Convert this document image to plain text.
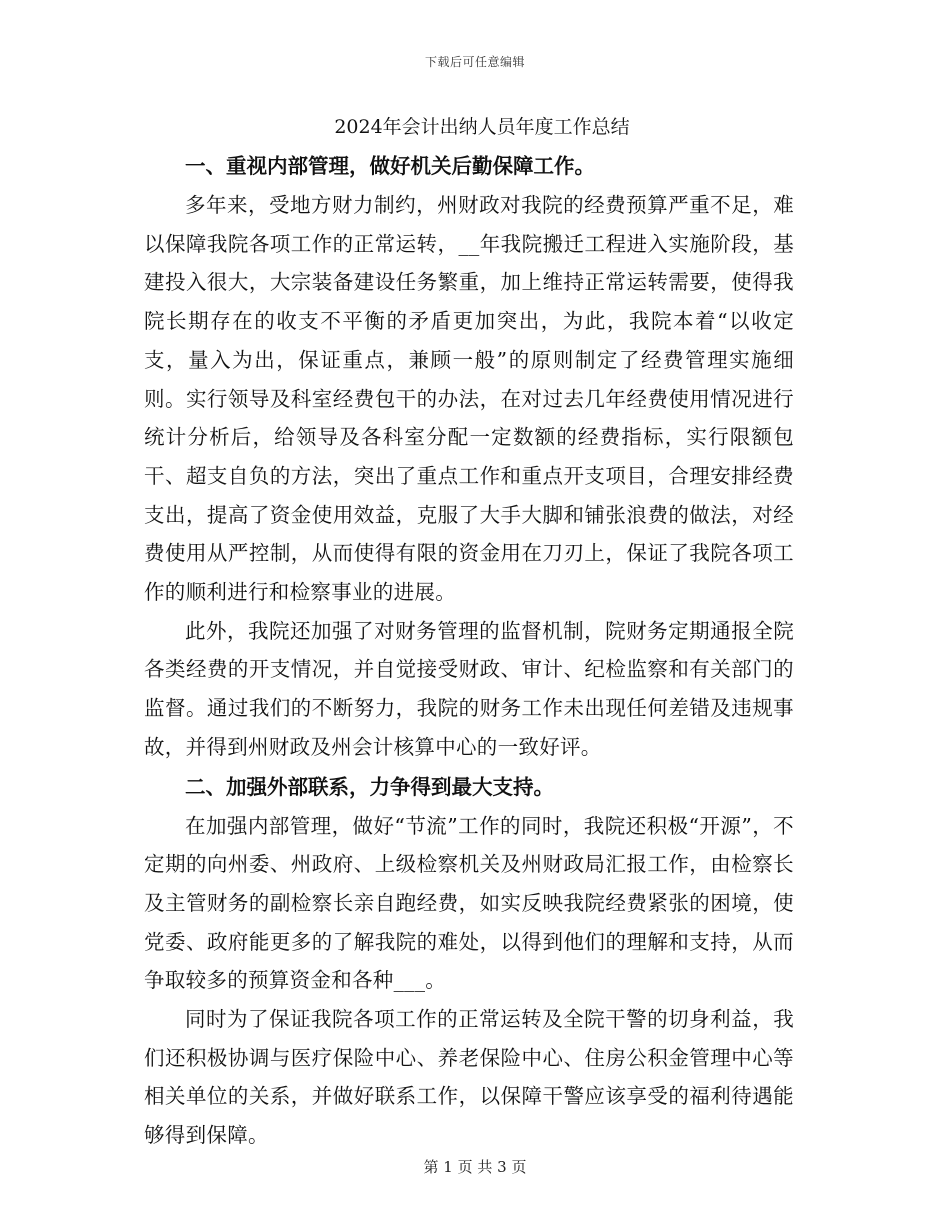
下载后可任意编辑
2024年会计出纳人员年度工作总结
一、重视内部管理，做好机关后勤保障工作。

多年来，受地方财力制约，州财政对我院的经费预算严重不足，难以保障我院各项工作的正常运转，__年我院搬迁工程进入实施阶段，基建投入很大，大宗装备建设任务繁重，加上维持正常运转需要，使得我院长期存在的收支不平衡的矛盾更加突出，为此，我院本着“以收定支，量入为出，保证重点，兼顾一般”的原则制定了经费管理实施细则。实行领导及科室经费包干的办法，在对过去几年经费使用情况进行统计分析后，给领导及各科室分配一定数额的经费指标，实行限额包干、超支自负的方法，突出了重点工作和重点开支项目，合理安排经费支出，提高了资金使用效益，克服了大手大脚和铺张浪费的做法，对经费使用从严控制，从而使得有限的资金用在刀刃上，保证了我院各项工作的顺利进行和检察事业的进展。

此外，我院还加强了对财务管理的监督机制，院财务定期通报全院各类经费的开支情况，并自觉接受财政、审计、纪检监察和有关部门的监督。通过我们的不断努力，我院的财务工作未出现任何差错及违规事故，并得到州财政及州会计核算中心的一致好评。

二、加强外部联系，力争得到最大支持。

在加强内部管理，做好“节流”工作的同时，我院还积极“开源”，不定期的向州委、州政府、上级检察机关及州财政局汇报工作，由检察长及主管财务的副检察长亲自跑经费，如实反映我院经费紧张的困境，使党委、政府能更多的了解我院的难处，以得到他们的理解和支持，从而争取较多的预算资金和各种___。

同时为了保证我院各项工作的正常运转及全院干警的切身利益，我们还积极协调与医疗保险中心、养老保险中心、住房公积金管理中心等相关单位的关系，并做好联系工作，以保障干警应该享受的福利待遇能够得到保障。

第 1 页 共 3 页
